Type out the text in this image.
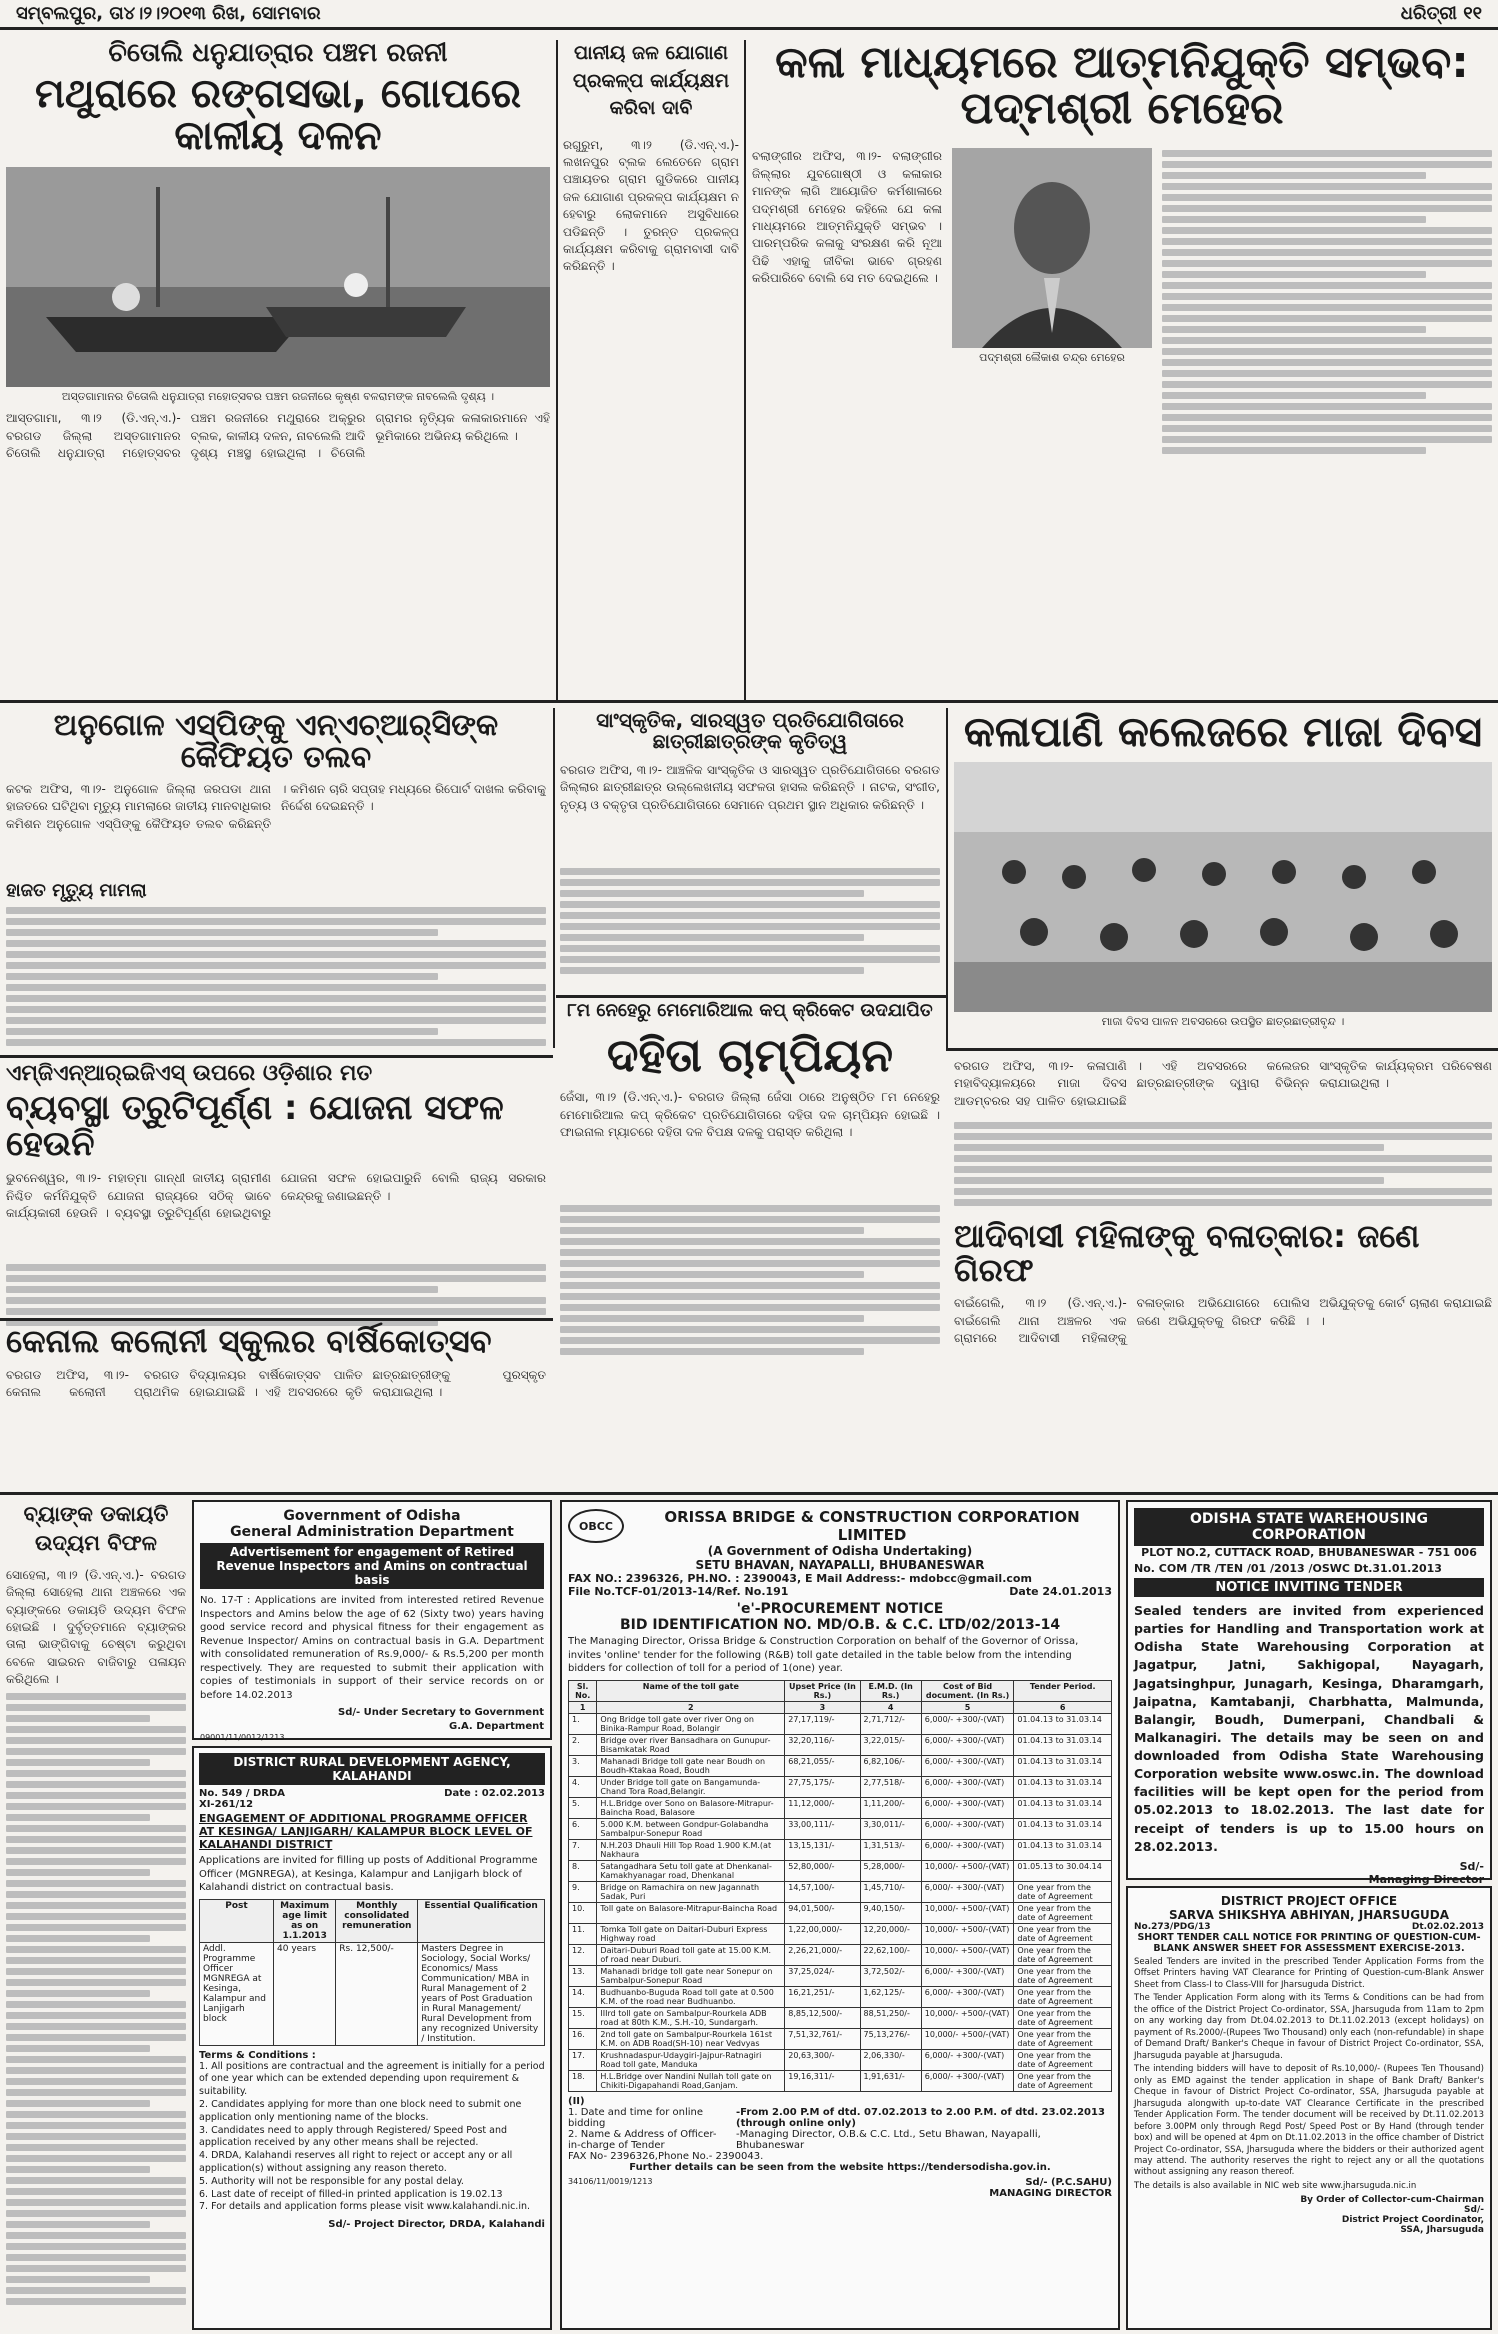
ସମ୍ବଲପୁର, ତା୪।୨।୨୦୧୩ ରିଖ, ସୋମବାର	ଧରିତ୍ରୀ ୧୧
ଚିତୋଲି ଧନୁଯାତ୍ରାର ପଞ୍ଚମ ରଜନୀ
ମଥୁରାରେ ରଙ୍ଗସଭା, ଗୋପରେ କାଳୀୟ ଦଳନ
ଅସ୍ତଗାମାନର ଚିତୋଲି ଧନୁଯାତ୍ରା ମହୋତ୍ସବର ପଞ୍ଚମ ରଜନୀରେ କୃଷ୍ଣ ବଳରାମଙ୍କ ନାବଲେଲି ଦୃଶ୍ୟ ।
ଆସ୍ତଗାମା, ୩।୨ (ଡି.ଏନ୍.ଏ.)- ବରଗଡ ଜିଲ୍ଲା ଅସ୍ତଗାମାନର ଚିତୋଲି ଧନୁଯାତ୍ରା ମହୋତ୍ସବର ପଞ୍ଚମ ରଜନୀରେ ମଥୁରାରେ ଅକ୍ରୁର ବ୍ଲକ, କାଳୀୟ ଦଳନ, ନାବଲେଲି ଆଦି ଦୃଶ୍ୟ ମଞ୍ଚସ୍ଥ ହୋଇଥିଲା । ଚିତୋଲି ଗ୍ରାମର ନୃତ୍ୟିକ କଳାକାରମାନେ ଏହି ଭୂମିକାରେ ଅଭିନୟ କରିଥିଲେ ।
ପାନୀୟ ଜଳ ଯୋଗାଣ ପ୍ରକଳ୍ପ କାର୍ଯ୍ୟକ୍ଷମ କରିବା ଦାବି
ରଗୁରୁମ, ୩।୨ (ଡି.ଏନ୍.ଏ.)- ଲଖନପୁର ବ୍ଲକ ଲେତେନେ ଗ୍ରାମ ପଞ୍ଚାୟତର ଗ୍ରାମ ଗୁଡିକରେ ପାନୀୟ ଜଳ ଯୋଗାଣ ପ୍ରକଳ୍ପ କାର୍ଯ୍ୟକ୍ଷମ ନ ହେବାରୁ ଲୋକମାନେ ଅସୁବିଧାରେ ପଡିଛନ୍ତି । ତୁରନ୍ତ ପ୍ରକଳ୍ପ କାର୍ଯ୍ୟକ୍ଷମ କରିବାକୁ ଗ୍ରାମବାସୀ ଦାବି କରିଛନ୍ତି ।
କଳା ମାଧ୍ୟମରେ ଆତ୍ମନିଯୁକ୍ତି ସମ୍ଭବ: ପଦ୍ମଶ୍ରୀ ମେହେର
ବଲାଙ୍ଗୀର ଅଫିସ, ୩।୨- ବଲାଙ୍ଗୀର ଜିଲ୍ଲାର ଯୁବଗୋଷ୍ଠୀ ଓ କଳାକାର ମାନଙ୍କ ଲାଗି ଆୟୋଜିତ କର୍ମଶାଳାରେ ପଦ୍ମଶ୍ରୀ ମେହେର କହିଲେ ଯେ କଳା ମାଧ୍ୟମରେ ଆତ୍ମନିଯୁକ୍ତି ସମ୍ଭବ । ପାରମ୍ପରିକ କଳାକୁ ସଂରକ୍ଷଣ କରି ନୂଆ ପିଢି ଏହାକୁ ଜୀବିକା ଭାବେ ଗ୍ରହଣ କରିପାରିବେ ବୋଲି ସେ ମତ ଦେଇଥିଲେ ।
ପଦ୍ମଶ୍ରୀ ଲୈକାଶ ଚନ୍ଦ୍ର ମେହେର
ଅନୁଗୋଳ ଏସ୍‌ପିଙ୍କୁ ଏନ୍‌ଏଚ୍‌ଆର୍‌ସିଙ୍କ କୈଫିୟତ ତଲବ
କଟକ ଅଫିସ, ୩।୨- ଅନୁଗୋଳ ଜିଲ୍ଲା ଜରପଡା ଥାନା ହାଜତରେ ଘଟିଥିବା ମୃତ୍ୟୁ ମାମଲାରେ ଜାତୀୟ ମାନବାଧିକାର କମିଶନ ଅନୁଗୋଳ ଏସ୍‌ପିଙ୍କୁ କୈଫିୟତ ତଲବ କରିଛନ୍ତି । କମିଶନ ଚାରି ସପ୍ତାହ ମଧ୍ୟରେ ରିପୋର୍ଟ ଦାଖଲ କରିବାକୁ ନିର୍ଦ୍ଦେଶ ଦେଇଛନ୍ତି ।
ହାଜତ ମୃତ୍ୟୁ ମାମଲା
ସାଂସ୍କୃତିକ, ସାରସ୍ୱତ ପ୍ରତିଯୋଗିତାରେ ଛାତ୍ରୀଛାତ୍ରଙ୍କ କୃତିତ୍ୱ
ବରଗଡ ଅଫିସ, ୩।୨- ଆଞ୍ଚଳିକ ସାଂସ୍କୃତିକ ଓ ସାରସ୍ୱତ ପ୍ରତିଯୋଗିତାରେ ବରଗଡ ଜିଲ୍ଲାର ଛାତ୍ରୀଛାତ୍ର ଉଲ୍ଲେଖନୀୟ ସଫଳତା ହାସଲ କରିଛନ୍ତି । ନାଟକ, ସଂଗୀତ, ନୃତ୍ୟ ଓ ବକ୍ତୃତା ପ୍ରତିଯୋଗିତାରେ ସେମାନେ ପ୍ରଥମ ସ୍ଥାନ ଅଧିକାର କରିଛନ୍ତି ।
କଳାପାଣି କଲେଜରେ ମାଜା ଦିବସ
ମାଜା ଦିବସ ପାଳନ ଅବସରରେ ଉପସ୍ଥିତ ଛାତ୍ରଛାତ୍ରୀବୃନ୍ଦ ।
ଏମ୍‌ଜିଏନ୍‌ଆର୍‌ଇଜିଏସ୍ ଉପରେ ଓଡ଼ିଶାର ମତ
ବ୍ୟବସ୍ଥା ତ୍ରୁଟିପୂର୍ଣ୍ଣ : ଯୋଜନା ସଫଳ ହେଉନି
ଭୁବନେଶ୍ୱର, ୩।୨- ମହାତ୍ମା ଗାନ୍ଧୀ ଜାତୀୟ ଗ୍ରାମୀଣ ନିଶ୍ଚିତ କର୍ମନିଯୁକ୍ତି ଯୋଜନା ରାଜ୍ୟରେ ସଠିକ୍ ଭାବେ କାର୍ଯ୍ୟକାରୀ ହେଉନି । ବ୍ୟବସ୍ଥା ତ୍ରୁଟିପୂର୍ଣ୍ଣ ହୋଇଥିବାରୁ ଯୋଜନା ସଫଳ ହୋଇପାରୁନି ବୋଲି ରାଜ୍ୟ ସରକାର କେନ୍ଦ୍ରକୁ ଜଣାଇଛନ୍ତି ।
୮ମ ନେହେରୁ ମେମୋରିଆଲ କପ୍ କ୍ରିକେଟ ଉଦଯାପିତ
ଦହିତା ଚାମ୍ପିୟନ
ଜେଁସା, ୩।୨ (ଡି.ଏନ୍.ଏ.)- ବରଗଡ ଜିଲ୍ଲା ଜେଁସା ଠାରେ ଅନୁଷ୍ଠିତ ୮ମ ନେହେରୁ ମେମୋରିଆଲ କପ୍ କ୍ରିକେଟ ପ୍ରତିଯୋଗିତାରେ ଦହିତା ଦଳ ଚାମ୍ପିୟନ ହୋଇଛି । ଫାଇନାଲ ମ୍ୟାଚରେ ଦହିତା ଦଳ ବିପକ୍ଷ ଦଳକୁ ପରାସ୍ତ କରିଥିଲା ।
ବରଗଡ ଅଫିସ, ୩।୨- କଳାପାଣି ମହାବିଦ୍ୟାଳୟରେ ମାଜା ଦିବସ ଆଡମ୍ବରର ସହ ପାଳିତ ହୋଇଯାଇଛି । ଏହି ଅବସରରେ କଲେଜର ଛାତ୍ରଛାତ୍ରୀଙ୍କ ଦ୍ୱାରା ବିଭିନ୍ନ ସାଂସ୍କୃତିକ କାର୍ଯ୍ୟକ୍ରମ ପରିବେଷଣ କରାଯାଇଥିଲା ।
ଆଦିବାସୀ ମହିଳାଙ୍କୁ ବଳାତ୍କାର: ଜଣେ ଗିରଫ
ବାଇଁଗେଲି, ୩।୨ (ଡି.ଏନ୍.ଏ.)- ବାଇଁଗେଲି ଥାନା ଅଞ୍ଚଳର ଏକ ଗ୍ରାମରେ ଆଦିବାସୀ ମହିଳାଙ୍କୁ ବଳାତ୍କାର ଅଭିଯୋଗରେ ପୋଲିସ ଜଣେ ଅଭିଯୁକ୍ତକୁ ଗିରଫ କରିଛି । ଅଭିଯୁକ୍ତକୁ କୋର୍ଟ ଚାଲାଣ କରାଯାଇଛି ।
କେନାଲ କଲୋନୀ ସ୍କୁଲର ବାର୍ଷିକୋତ୍ସବ
ବରଗଡ ଅଫିସ, ୩।୨- ବରଗଡ କେନାଲ କଲୋନୀ ପ୍ରାଥମିକ ବିଦ୍ୟାଳୟର ବାର୍ଷିକୋତ୍ସବ ପାଳିତ ହୋଇଯାଇଛି । ଏହି ଅବସରରେ କୃତି ଛାତ୍ରଛାତ୍ରୀଙ୍କୁ ପୁରସ୍କୃତ କରାଯାଇଥିଲା ।
ବ୍ୟାଙ୍କ ଡକାୟତି ଉଦ୍ୟମ ବିଫଳ
ସୋହେଲା, ୩।୨ (ଡି.ଏନ୍.ଏ.)- ବରଗଡ ଜିଲ୍ଲା ସୋହେଲା ଥାନା ଅଞ୍ଚଳରେ ଏକ ବ୍ୟାଙ୍କରେ ଡକାୟତି ଉଦ୍ୟମ ବିଫଳ ହୋଇଛି । ଦୁର୍ବୃତ୍ତମାନେ ବ୍ୟାଙ୍କର ତାଲା ଭାଙ୍ଗିବାକୁ ଚେଷ୍ଟା କରୁଥିବା ବେଳେ ସାଇରନ ବାଜିବାରୁ ପଳାୟନ କରିଥିଲେ ।
Government of Odisha
General Administration Department
Advertisement for engagement of Retired Revenue Inspectors and Amins on contractual basis
No. 17-T : Applications are invited from interested retired Revenue Inspectors and Amins below the age of 62 (Sixty two) years having good service record and physical fitness for their engagement as Revenue Inspector/ Amins on contractual basis in G.A. Department with consolidated remuneration of Rs.9,000/- & Rs.5,200 per month respectively. They are requested to submit their application with copies of testimonials in support of their service records on or before 14.02.2013
Sd/- Under Secretary to Government
G.A. Department
09001/11/0012/1213
DISTRICT RURAL DEVELOPMENT AGENCY, KALAHANDI
No. 549 / DRDA
XI-261/12
Date : 02.02.2013
ENGAGEMENT OF ADDITIONAL PROGRAMME OFFICER AT KESINGA/ LANJIGARH/ KALAMPUR BLOCK LEVEL OF KALAHANDI DISTRICT
Applications are invited for filling up posts of Additional Programme Officer (MGNREGA), at Kesinga, Kalampur and Lanjigarh block of Kalahandi district on contractual basis.
Post	Maximum age limit as on 1.1.2013	Monthly consolidated remuneration	Essential Qualification
Addl. Programme Officer MGNREGA at Kesinga, Kalampur and Lanjigarh block	40 years	Rs. 12,500/-	Masters Degree in Sociology, Social Works/ Economics/ Mass Communication/ MBA in Rural Management of 2 years of Post Graduation in Rural Management/ Rural Development from any recognized University / Institution.
Terms & Conditions :
1. All positions are contractual and the agreement is initially for a period of one year which can be extended depending upon requirement & suitability.
2. Candidates applying for more than one block need to submit one application only mentioning name of the blocks.
3. Candidates need to apply through Registered/ Speed Post and application received by any other means shall be rejected.
4. DRDA, Kalahandi reserves all right to reject or accept any or all application(s) without assigning any reason thereto.
5. Authority will not be responsible for any postal delay.
6. Last date of receipt of filled-in printed application is 19.02.13
7. For details and application forms please visit www.kalahandi.nic.in.
Sd/- Project Director, DRDA, Kalahandi
OBCC	ORISSA BRIDGE & CONSTRUCTION CORPORATION LIMITED
(A Government of Odisha Undertaking)
SETU BHAVAN, NAYAPALLI, BHUBANESWAR
FAX NO.: 2396326, PH.NO. : 2390043, E Mail Address:- mdobcc@gmail.com
File No.TCF-01/2013-14/Ref. No.191	Date 24.01.2013
'e'-PROCUREMENT NOTICE
BID IDENTIFICATION NO. MD/O.B. & C.C. LTD/02/2013-14
The Managing Director, Orissa Bridge & Construction Corporation on behalf of the Governor of Orissa, invites 'online' tender for the following (R&B) toll gate detailed in the table below from the intending bidders for collection of toll for a period of 1(one) year.
Sl. No.	Name of the toll gate	Upset Price (In Rs.)	E.M.D. (In Rs.)	Cost of Bid document. (In Rs.)	Tender Period.
1	2	3	4	5	6
1.	Ong Bridge toll gate over river Ong on Binika-Rampur Road, Bolangir	27,17,119/-	2,71,712/-	6,000/- +300/-(VAT)	01.04.13 to 31.03.14
2.	Bridge over river Bansadhara on Gunupur-Bisamkatak Road	32,20,116/-	3,22,015/-	6,000/- +300/-(VAT)	01.04.13 to 31.03.14
3.	Mahanadi Bridge toll gate near Boudh on Boudh-Ktakaa Road, Boudh	68,21,055/-	6,82,106/-	6,000/- +300/-(VAT)	01.04.13 to 31.03.14
4.	Under Bridge toll gate on Bangamunda-Chand Tora Road,Belangir.	27,75,175/-	2,77,518/-	6,000/- +300/-(VAT)	01.04.13 to 31.03.14
5.	H.L.Bridge over Sono on Balasore-Mitrapur-Baincha Road, Balasore	11,12,000/-	1,11,200/-	6,000/- +300/-(VAT)	01.04.13 to 31.03.14
6.	5.000 K.M. between Gondpur-Golabandha Sambalpur-Sonepur Road	33,00,111/-	3,30,011/-	6,000/- +300/-(VAT)	01.04.13 to 31.03.14
7.	N.H.203 Dhauli Hill Top Road 1.900 K.M.(at Nakhaura	13,15,131/-	1,31,513/-	6,000/- +300/-(VAT)	01.04.13 to 31.03.14
8.	Satangadhara Setu toll gate at Dhenkanal-Kamakhyanagar road, Dhenkanal	52,80,000/-	5,28,000/-	10,000/- +500/-(VAT)	01.05.13 to 30.04.14
9.	Bridge on Ramachira on new Jagannath Sadak, Puri	14,57,100/-	1,45,710/-	6,000/- +300/-(VAT)	One year from the date of Agreement
10.	Toll gate on Balasore-Mitrapur-Baincha Road	94,01,500/-	9,40,150/-	10,000/- +500/-(VAT)	One year from the date of Agreement
11.	Tomka Toll gate on Daitari-Duburi Express Highway road	1,22,00,000/-	12,20,000/-	10,000/- +500/-(VAT)	One year from the date of Agreement
12.	Daitari-Duburi Road toll gate at 15.00 K.M. of road near Duburi.	2,26,21,000/-	22,62,100/-	10,000/- +500/-(VAT)	One year from the date of Agreement
13.	Mahanadi bridge toll gate near Sonepur on Sambalpur-Sonepur Road	37,25,024/-	3,72,502/-	6,000/- +300/-(VAT)	One year from the date of Agreement
14.	Budhuanbo-Buguda Road toll gate at 0.500 K.M. of the road near Budhuanbo.	16,21,251/-	1,62,125/-	6,000/- +300/-(VAT)	One year from the date of Agreement
15.	IIIrd toll gate on Sambalpur-Rourkela ADB road at 80th K.M., S.H.-10, Sundargarh.	8,85,12,500/-	88,51,250/-	10,000/- +500/-(VAT)	One year from the date of Agreement
16.	2nd toll gate on Sambalpur-Rourkela 161st K.M. on ADB Road(SH-10) near Vedvyas	7,51,32,761/-	75,13,276/-	10,000/- +500/-(VAT)	One year from the date of Agreement
17.	Krushnadaspur-Udaygiri-Jajpur-Ratnagiri Road toll gate, Manduka	20,63,300/-	2,06,330/-	6,000/- +300/-(VAT)	One year from the date of Agreement
18.	H.L.Bridge over Nandini Nullah toll gate on Chikiti-Digapahandi Road,Ganjam.	19,16,311/-	1,91,631/-	6,000/- +300/-(VAT)	One year from the date of Agreement
(II)
1. Date and time for online bidding
-From 2.00 P.M of dtd. 07.02.2013 to 2.00 P.M. of dtd. 23.02.2013 (through online only)
2. Name & Address of Officer-in-charge of Tender
-Managing Director, O.B.& C.C. Ltd., Setu Bhawan, Nayapalli, Bhubaneswar
FAX No- 2396326,Phone No.- 2390043.
Further details can be seen from the website https://tendersodisha.gov.in.
34106/11/0019/1213	Sd/- (P.C.SAHU)
MANAGING DIRECTOR
ODISHA STATE WAREHOUSING CORPORATION
PLOT NO.2, CUTTACK ROAD, BHUBANESWAR - 751 006
No. COM /TR /TEN /01 /2013 /OSWC Dt.31.01.2013
NOTICE INVITING TENDER
Sealed tenders are invited from experienced parties for Handling and Transportation work at Odisha State Warehousing Corporation at Jagatpur, Jatni, Sakhigopal, Nayagarh, Jagatsinghpur, Junagarh, Kesinga, Dharamgarh, Jaipatna, Kamtabanji, Charbhatta, Malmunda, Balangir, Boudh, Dumerpani, Chandbali & Malkanagiri. The details may be seen on and downloaded from Odisha State Warehousing Corporation website www.oswc.in. The download facilities will be kept open for the period from 05.02.2013 to 18.02.2013. The last date for receipt of tenders is up to 15.00 hours on 28.02.2013.
Sd/-
Managing Director
DISTRICT PROJECT OFFICE
SARVA SHIKSHYA ABHIYAN, JHARSUGUDA
No.273/PDG/13	Dt.02.02.2013
SHORT TENDER CALL NOTICE FOR PRINTING OF QUESTION-CUM-BLANK ANSWER SHEET FOR ASSESSMENT EXERCISE-2013.

Sealed Tenders are invited in the prescribed Tender Application Forms from the Offset Printers having VAT Clearance for Printing of Question-cum-Blank Answer Sheet from Class-I to Class-VIII for Jharsuguda District.

The Tender Application Form along with its Terms & Conditions can be had from the office of the District Project Co-ordinator, SSA, Jharsuguda from 11am to 2pm on any working day from Dt.04.02.2013 to Dt.11.02.2013 (except holidays) on payment of Rs.2000/-(Rupees Two Thousand) only each (non-refundable) in shape of Demand Draft/ Banker's Cheque in favour of District Project Co-ordinator, SSA, Jharsuguda payable at Jharsuguda.

The intending bidders will have to deposit of Rs.10,000/- (Rupees Ten Thousand) only as EMD against the tender application in shape of Bank Draft/ Banker's Cheque in favour of District Project Co-ordinator, SSA, Jharsuguda payable at Jharsuguda alongwith up-to-date VAT Clearance Certificate in the prescribed Tender Application Form. The tender document will be received by Dt.11.02.2013 before 3.00PM only through Regd Post/ Speed Post or By Hand (through tender box) and will be opened at 4pm on Dt.11.02.2013 in the office chamber of District Project Co-ordinator, SSA, Jharsuguda where the bidders or their authorized agent may attend. The authority reserves the right to reject any or all the quotations without assigning any reason thereof.

The details is also available in NIC web site www.jharsuguda.nic.in

By Order of Collector-cum-Chairman
Sd/-
District Project Coordinator,
SSA, Jharsuguda
